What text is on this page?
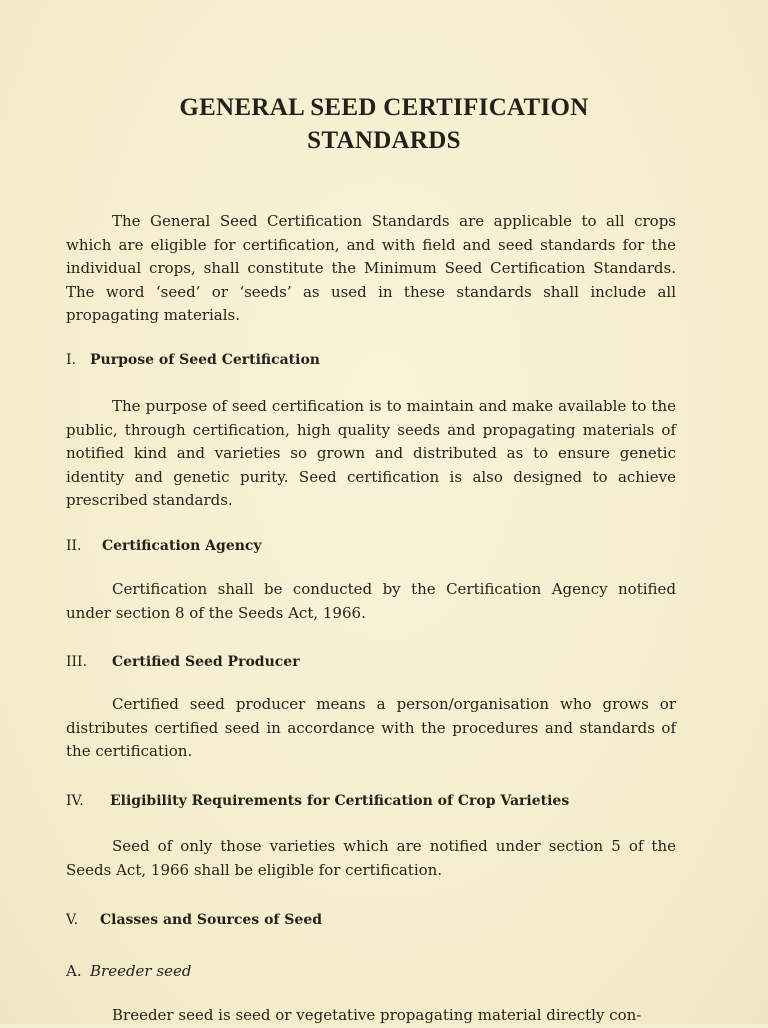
GENERAL SEED CERTIFICATION
STANDARDS

The General Seed Certification Standards are applicable to all crops which are eligible for certification, and with field and seed standards for the individual crops, shall constitute the Minimum Seed Certification Standards. The word ‘seed’ or ‘seeds’ as used in these standards shall include all propagating materials.

I. Purpose of Seed Certification

The purpose of seed certification is to maintain and make available to the public, through certification, high quality seeds and propagating materials of notified kind and varieties so grown and distributed as to ensure genetic identity and genetic purity. Seed certification is also designed to achieve prescribed standards.

II. Certification Agency

Certification shall be conducted by the Certification Agency notified under section 8 of the Seeds Act, 1966.

III. Certified Seed Producer

Certified seed producer means a person/organisation who grows or distributes certified seed in accordance with the procedures and standards of the certification.

IV. Eligibility Requirements for Certification of Crop Varieties

Seed of only those varieties which are notified under section 5 of the Seeds Act, 1966 shall be eligible for certification.

V. Classes and Sources of Seed
A. Breeder seed

Breeder seed is seed or vegetative propagating material directly con-
